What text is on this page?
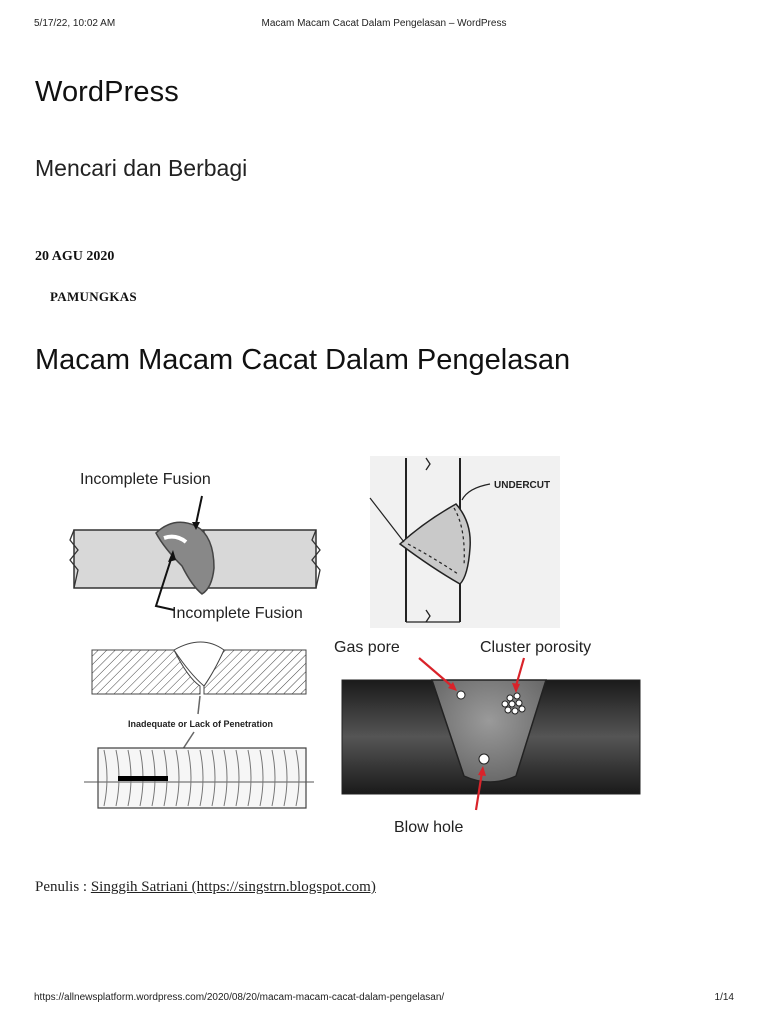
5/17/22, 10:02 AM	Macam Macam Cacat Dalam Pengelasan – WordPress
WordPress
Mencari dan Berbagi
20 AGU 2020
PAMUNGKAS
Macam Macam Cacat Dalam Pengelasan
Incomplete Fusion
Incomplete Fusion
UNDERCUT
Inadequate or Lack of Penetration
Gas pore	Cluster porosity
Blow hole
Penulis : Singgih Satriani (https://singstrn.blogspot.com)
https://allnewsplatform.wordpress.com/2020/08/20/macam-macam-cacat-dalam-pengelasan/	1/14
